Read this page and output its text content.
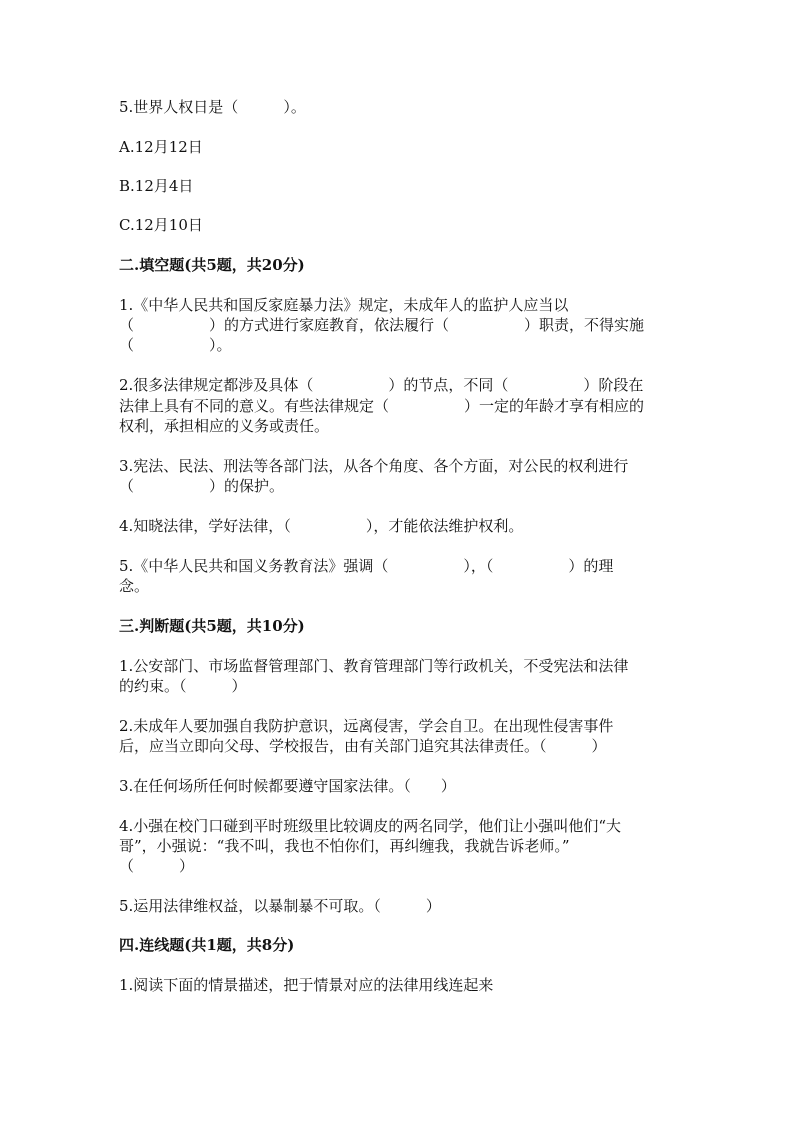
5.世界人权日是（　　　）。
A.12月12日
B.12月4日
C.12月10日
二.填空题(共5题，共20分)
1.《中华人民共和国反家庭暴力法》规定，未成年人的监护人应当以
（　　　　　）的方式进行家庭教育，依法履行（　　　　　）职责，不得实施
（　　　　　）。
2.很多法律规定都涉及具体（　　　　　）的节点，不同（　　　　　）阶段在
法律上具有不同的意义。有些法律规定（　　　　　）一定的年龄才享有相应的
权利，承担相应的义务或责任。
3.宪法、民法、刑法等各部门法，从各个角度、各个方面，对公民的权利进行
（　　　　　）的保护。
4.知晓法律，学好法律，（　　　　　），才能依法维护权利。
5.《中华人民共和国义务教育法》强调（　　　　　），（　　　　　）的理
念。
三.判断题(共5题，共10分)
1.公安部门、市场监督管理部门、教育管理部门等行政机关，不受宪法和法律
的约束。（　　　）
2.未成年人要加强自我防护意识，远离侵害，学会自卫。在出现性侵害事件
后，应当立即向父母、学校报告，由有关部门追究其法律责任。（　　　）
3.在任何场所任何时候都要遵守国家法律。（　　）
4.小强在校门口碰到平时班级里比较调皮的两名同学，他们让小强叫他们“大
哥”，小强说：“我不叫，我也不怕你们，再纠缠我，我就告诉老师。”
（　　　）
5.运用法律维权益，以暴制暴不可取。（　　　）
四.连线题(共1题，共8分)
1.阅读下面的情景描述，把于情景对应的法律用线连起来
